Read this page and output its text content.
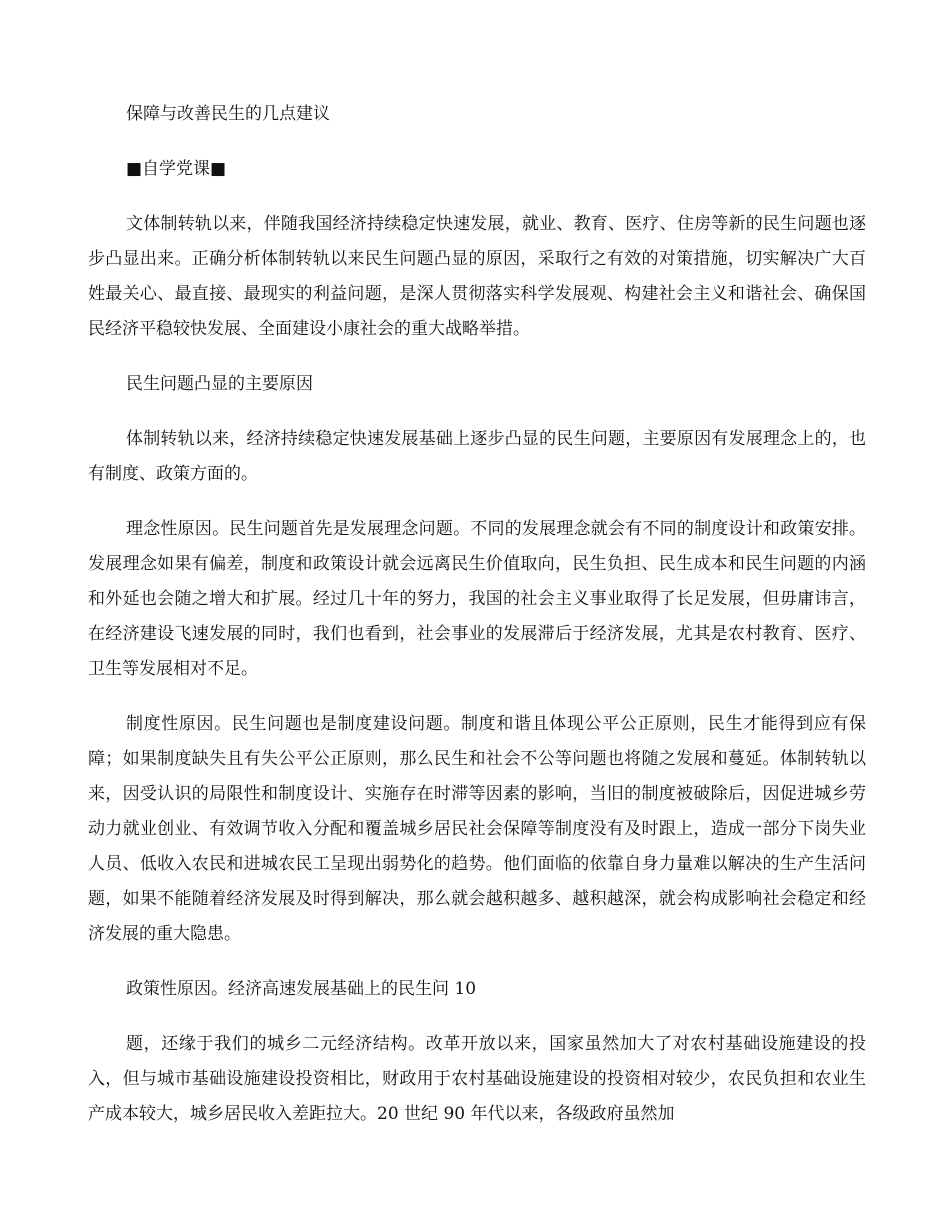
保障与改善民生的几点建议

■自学党课■

文体制转轨以来，伴随我国经济持续稳定快速发展，就业、教育、医疗、住房等新的民生问题也逐步凸显出来。正确分析体制转轨以来民生问题凸显的原因，采取行之有效的对策措施，切实解决广大百姓最关心、最直接、最现实的利益问题，是深人贯彻落实科学发展观、构建社会主义和谐社会、确保国民经济平稳较快发展、全面建设小康社会的重大战略举措。

民生问题凸显的主要原因

体制转轨以来，经济持续稳定快速发展基础上逐步凸显的民生问题，主要原因有发展理念上的，也有制度、政策方面的。

理念性原因。民生问题首先是发展理念问题。不同的发展理念就会有不同的制度设计和政策安排。发展理念如果有偏差，制度和政策设计就会远离民生价值取向，民生负担、民生成本和民生问题的内涵和外延也会随之增大和扩展。经过几十年的努力，我国的社会主义事业取得了长足发展，但毋庸讳言，在经济建设飞速发展的同时，我们也看到，社会事业的发展滞后于经济发展，尤其是农村教育、医疗、卫生等发展相对不足。

制度性原因。民生问题也是制度建设问题。制度和谐且体现公平公正原则，民生才能得到应有保障；如果制度缺失且有失公平公正原则，那么民生和社会不公等问题也将随之发展和蔓延。体制转轨以来，因受认识的局限性和制度设计、实施存在时滞等因素的影响，当旧的制度被破除后，因促进城乡劳动力就业创业、有效调节收入分配和覆盖城乡居民社会保障等制度没有及时跟上，造成一部分下岗失业人员、低收入农民和进城农民工呈现出弱势化的趋势。他们面临的依靠自身力量难以解决的生产生活问题，如果不能随着经济发展及时得到解决，那么就会越积越多、越积越深，就会构成影响社会稳定和经济发展的重大隐患。

政策性原因。经济高速发展基础上的民生问 10

题，还缘于我们的城乡二元经济结构。改革开放以来，国家虽然加大了对农村基础设施建设的投入，但与城市基础设施建设投资相比，财政用于农村基础设施建设的投资相对较少，农民负担和农业生产成本较大，城乡居民收入差距拉大。20 世纪 90 年代以来，各级政府虽然加
